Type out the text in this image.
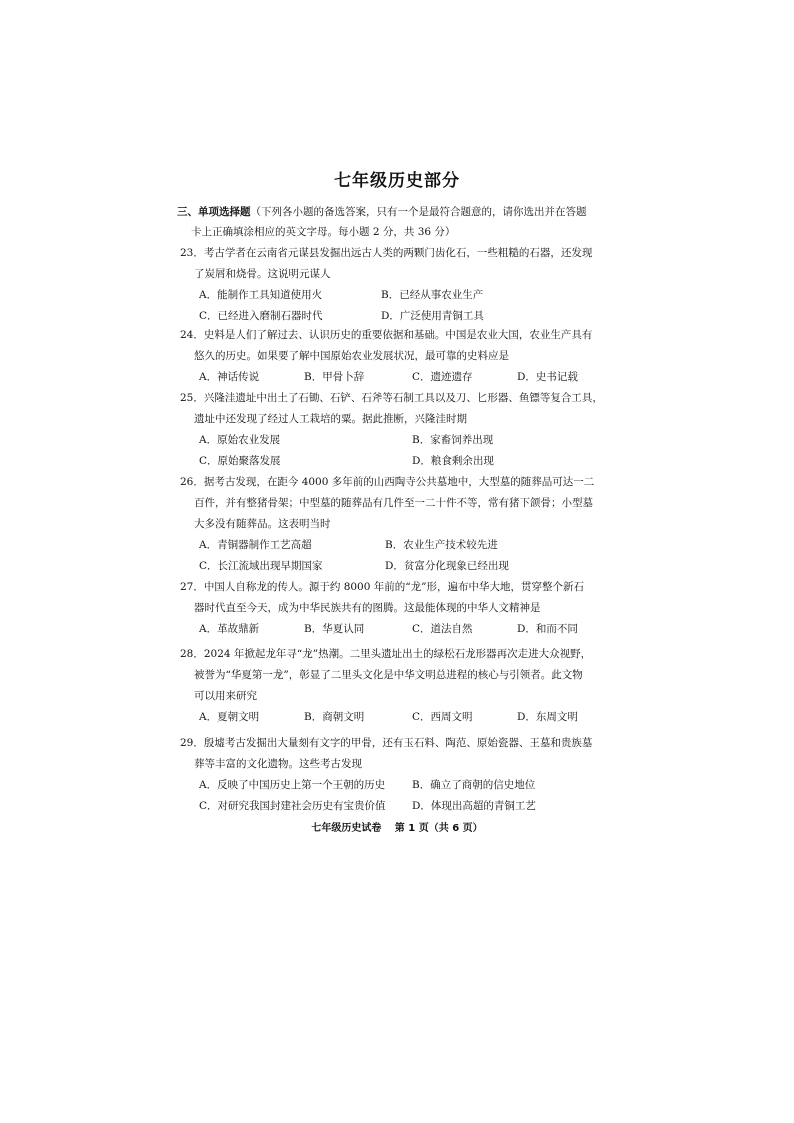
七年级历史部分
三、单项选择题（下列各小题的备选答案，只有一个是最符合题意的，请你选出并在答题
卡上正确填涂相应的英文字母。每小题 2 分，共 36 分）
23．考古学者在云南省元谋县发掘出远古人类的两颗门齿化石，一些粗糙的石器，还发现
了炭屑和烧骨。这说明元谋人
A．能制作工具知道使用火	B．已经从事农业生产
C．已经进入磨制石器时代	D．广泛使用青铜工具
24．史料是人们了解过去、认识历史的重要依据和基础。中国是农业大国，农业生产具有
悠久的历史。如果要了解中国原始农业发展状况，最可靠的史料应是
A．神话传说	B．甲骨卜辞	C．遗迹遗存	D．史书记载
25．兴隆洼遗址中出土了石锄、石铲、石斧等石制工具以及刀、匕形器、鱼镖等复合工具，
遗址中还发现了经过人工栽培的粟。据此推断，兴隆洼时期
A．原始农业发展	B．家畜饲养出现
C．原始聚落发展	D．粮食剩余出现
26．据考古发现，在距今 4000 多年前的山西陶寺公共墓地中，大型墓的随葬品可达一二
百件，并有整猪骨架；中型墓的随葬品有几件至一二十件不等，常有猪下颌骨；小型墓
大多没有随葬品。这表明当时
A．青铜器制作工艺高超	B．农业生产技术较先进
C．长江流域出现早期国家	D．贫富分化现象已经出现
27．中国人自称龙的传人。源于约 8000 年前的“龙”形，遍布中华大地，贯穿整个新石
器时代直至今天，成为中华民族共有的图腾。这最能体现的中华人文精神是
A．革故鼎新	B．华夏认同	C．道法自然	D．和而不同
28．2024 年掀起龙年寻“龙”热潮。二里头遗址出土的绿松石龙形器再次走进大众视野，
被誉为“华夏第一龙”，彰显了二里头文化是中华文明总进程的核心与引领者。此文物
可以用来研究
A．夏朝文明	B．商朝文明	C．西周文明	D．东周文明
29．殷墟考古发掘出大量刻有文字的甲骨，还有玉石料、陶范、原始瓷器、王墓和贵族墓
葬等丰富的文化遗物。这些考古发现
A．反映了中国历史上第一个王朝的历史	B．确立了商朝的信史地位
C．对研究我国封建社会历史有宝贵价值	D．体现出高超的青铜工艺
七年级历史试卷　 第 1 页（共 6 页）
